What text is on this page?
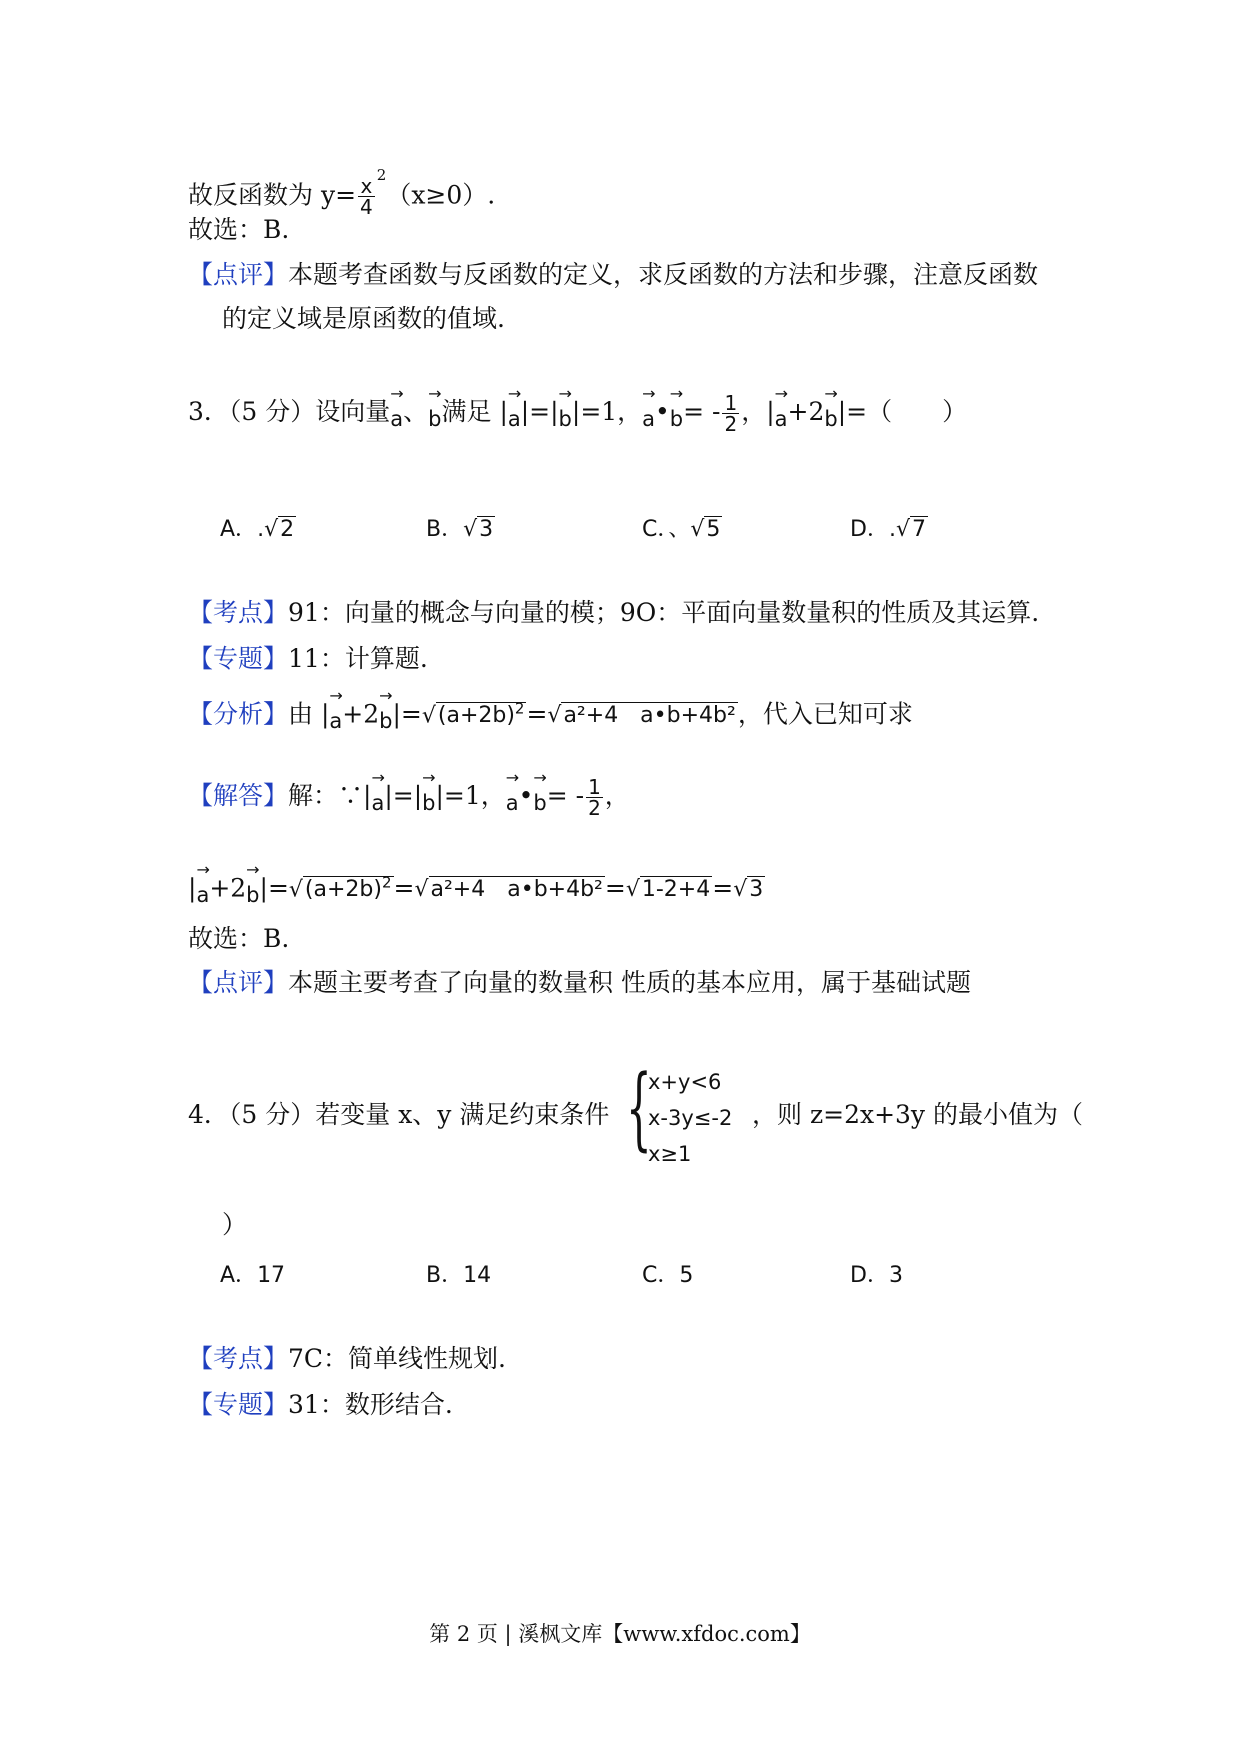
故反函数为 $y= \frac{x}{4}$
$^2$（x≥0）.
故选：B.
【点评】本题考查函数与反函数的定义，求反函数的方法和步骤，注意反函数
的定义域是原函数的值域.
3．（5 分）设向量→ a、→ b满足 |→ a|=|→ b|=1，→ a•→ $b= - \frac{1}{2}$ ，|→ a+2→ b|=（　　）
A．.√2	B．√3	C．、√5	D．.√7
【考点】91：向量的概念与向量的模；9O：平面向量数量积的性质及其运算.
【专题】11：计算题.
【分析】由 |→ $a+2\to b|=√(a+2b)^2=√a^2+4$　a•b+4b²，代入已知可求
【解答】解：∵|→ a|=|→ b|=1，→ a•→ $b= - \frac{1}{2}$ ，
|→ $a+2\to b|=√(a+2b)^2=√a^2+4$　a•b+4b²=√1-2+4=√3
故选：B.
【点评】本题主要考查了向量的数量积 性质的基本应用，属于基础试题
4．（5 分）若变量 x、y 满足约束条件 {
x+y<6
x-3y≤-2
x≥1
，则 z=2x+3y 的最小值为（
）
A．17	B．14	C．5	D．3
【考点】7C：简单线性规划.
【专题】31：数形结合.
第 2 页 | 溪枫文库【www.xfdoc.com】
